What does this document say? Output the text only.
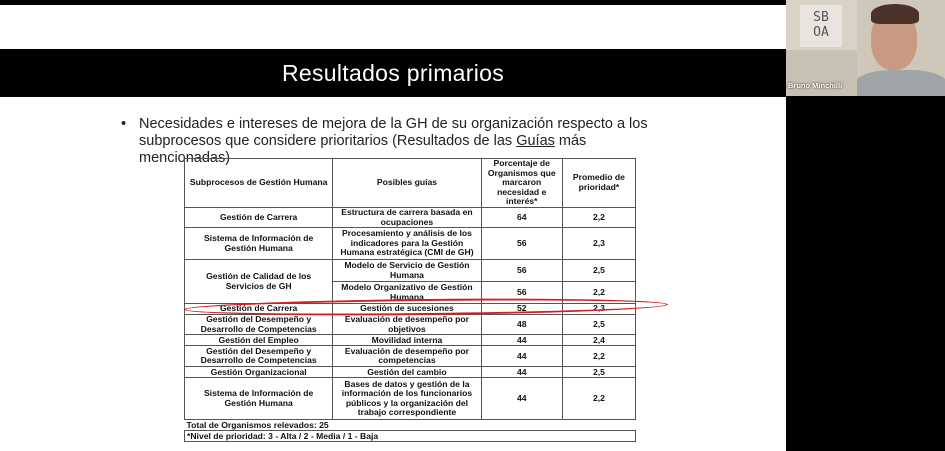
Resultados primarios
• Necesidades e intereses de mejora de la GH de su organización respecto a los subprocesos que considere prioritarios (Resultados de las Guías más mencionadas)
Subprocesos de Gestión Humana	Posibles guías	Porcentaje de Organismos que marcaron necesidad e interés*	Promedio de prioridad*
Gestión de Carrera	Estructura de carrera basada en ocupaciones	64	2,2
Sistema de Información de Gestión Humana	Procesamiento y análisis de los indicadores para la Gestión Humana estratégica (CMI de GH)	56	2,3
Gestión de Calidad de los Servicios de GH	Modelo de Servicio de Gestión Humana	56	2,5
	Modelo Organizativo de Gestión Humana	56	2,2
Gestión de Carrera	Gestión de sucesiones	52	2,3
Gestión del Desempeño y Desarrollo de Competencias	Evaluación de desempeño por objetivos	48	2,5
Gestión del Empleo	Movilidad interna	44	2,4
Gestión del Desempeño y Desarrollo de Competencias	Evaluación de desempeño por competencias	44	2,2
Gestión Organizacional	Gestión del cambio	44	2,5
Sistema de Información de Gestión Humana	Bases de datos y gestión de la información de los funcionarios públicos y la organización del trabajo correspondiente	44	2,2
Total de Organismos relevados: 25			
*Nivel de prioridad: 3 - Alta / 2 - Media / 1 - Baja			
SB
OA
Bruno Minchilli
